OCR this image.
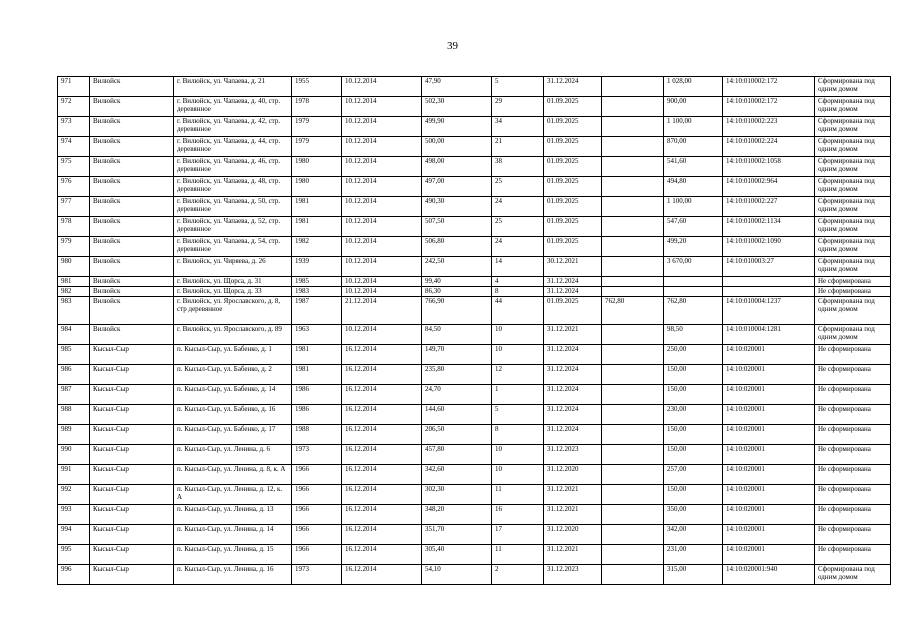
39
971	Вилюйск	г. Вилюйск, ул. Чапаева, д. 21	1955	10.12.2014	47,90	5	31.12.2024		1 028,00	14:10:010002:172	Сформирована под одним домом
972	Вилюйск	г. Вилюйск, ул. Чапаева, д. 40, стр. деревянное	1978	10.12.2014	502,30	29	01.09.2025		900,00	14:10:010002:172	Сформирована под одним домом
973	Вилюйск	г. Вилюйск, ул. Чапаева, д. 42, стр. деревянное	1979	10.12.2014	499,90	34	01.09.2025		1 100,00	14:10:010002:223	Сформирована под одним домом
974	Вилюйск	г. Вилюйск, ул. Чапаева, д. 44, стр. деревянное	1979	10.12.2014	500,00	21	01.09.2025		870,00	14:10:010002:224	Сформирована под одним домом
975	Вилюйск	г. Вилюйск, ул. Чапаева, д. 46, стр. деревянное	1980	10.12.2014	498,00	38	01.09.2025		541,60	14:10:010002:1058	Сформирована под одним домом
976	Вилюйск	г. Вилюйск, ул. Чапаева, д. 48, стр. деревянное	1980	10.12.2014	497,00	25	01.09.2025		494,80	14:10:010002:964	Сформирована под одним домом
977	Вилюйск	г. Вилюйск, ул. Чапаева, д. 50, стр. деревянное	1981	10.12.2014	490,30	24	01.09.2025		1 100,00	14:10:010002:227	Сформирована под одним домом
978	Вилюйск	г. Вилюйск, ул. Чапаева, д. 52, стр. деревянное	1981	10.12.2014	507,50	25	01.09.2025		547,60	14:10:010002:1134	Сформирована под одним домом
979	Вилюйск	г. Вилюйск, ул. Чапаева, д. 54, стр. деревянное	1982	10.12.2014	506,80	24	01.09.2025		499,20	14:10:010002:1090	Сформирована под одним домом
980	Вилюйск	г. Вилюйск, ул. Чиряева, д. 26	1939	10.12.2014	242,50	14	30.12.2021		3 670,00	14:10:010003:27	Сформирована под одним домом
981	Вилюйск	г. Вилюйск, ул. Щорса, д. 31	1985	10.12.2014	99,40	4	31.12.2024				Не сформирована
982	Вилюйск	г. Вилюйск, ул. Щорса, д. 33	1983	10.12.2014	86,30	8	31.12.2024				Не сформирована
983	Вилюйск	г. Вилюйск, ул. Ярославского, д. 8, стр деревянное	1987	21.12.2014	766,90	44	01.09.2025	762,80	762,80	14:10:010004:1237	Сформирована под одним домом
984	Вилюйск	г. Вилюйск, ул. Ярославского, д. 89	1963	10.12.2014	84,50	10	31.12.2021		98,50	14:10:010004:1281	Сформирована под одним домом
985	Кысыл-Сыр	п. Кысыл-Сыр, ул. Бабенко, д. 1	1981	16.12.2014	149,70	10	31.12.2024		250,00	14:10:020001	Не сформирована
986	Кысыл-Сыр	п. Кысыл-Сыр, ул. Бабенко, д. 2	1981	16.12.2014	235,80	12	31.12.2024		150,00	14:10:020001	Не сформирована
987	Кысыл-Сыр	п. Кысыл-Сыр, ул. Бабенко, д. 14	1986	16.12.2014	24,70	1	31.12.2024		150,00	14:10:020001	Не сформирована
988	Кысыл-Сыр	п. Кысыл-Сыр, ул. Бабенко, д. 16	1986	16.12.2014	144,60	5	31.12.2024		230,00	14:10:020001	Не сформирована
989	Кысыл-Сыр	п. Кысыл-Сыр, ул. Бабенко, д. 17	1988	16.12.2014	206,50	8	31.12.2024		150,00	14:10:020001	Не сформирована
990	Кысыл-Сыр	п. Кысыл-Сыр, ул. Ленина, д. 6	1973	16.12.2014	457,80	10	31.12.2023		150,00	14:10:020001	Не сформирована
991	Кысыл-Сыр	п. Кысыл-Сыр, ул. Ленина, д. 8, к. А	1966	16.12.2014	342,60	10	31.12.2020		257,00	14:10:020001	Не сформирована
992	Кысыл-Сыр	п. Кысыл-Сыр, ул. Ленина, д. 12, к. А	1966	16.12.2014	302,30	11	31.12.2021		150,00	14:10:020001	Не сформирована
993	Кысыл-Сыр	п. Кысыл-Сыр, ул. Ленина, д. 13	1966	16.12.2014	348,20	16	31.12.2021		350,00	14:10:020001	Не сформирована
994	Кысыл-Сыр	п. Кысыл-Сыр, ул. Ленина, д. 14	1966	16.12.2014	351,70	17	31.12.2020		342,00	14:10:020001	Не сформирована
995	Кысыл-Сыр	п. Кысыл-Сыр, ул. Ленина, д. 15	1966	16.12.2014	305,40	11	31.12.2021		231,00	14:10:020001	Не сформирована
996	Кысыл-Сыр	п. Кысыл-Сыр, ул. Ленина, д. 16	1973	16.12.2014	54,10	2	31.12.2023		315,00	14:10:020001:940	Сформирована под одним домом
